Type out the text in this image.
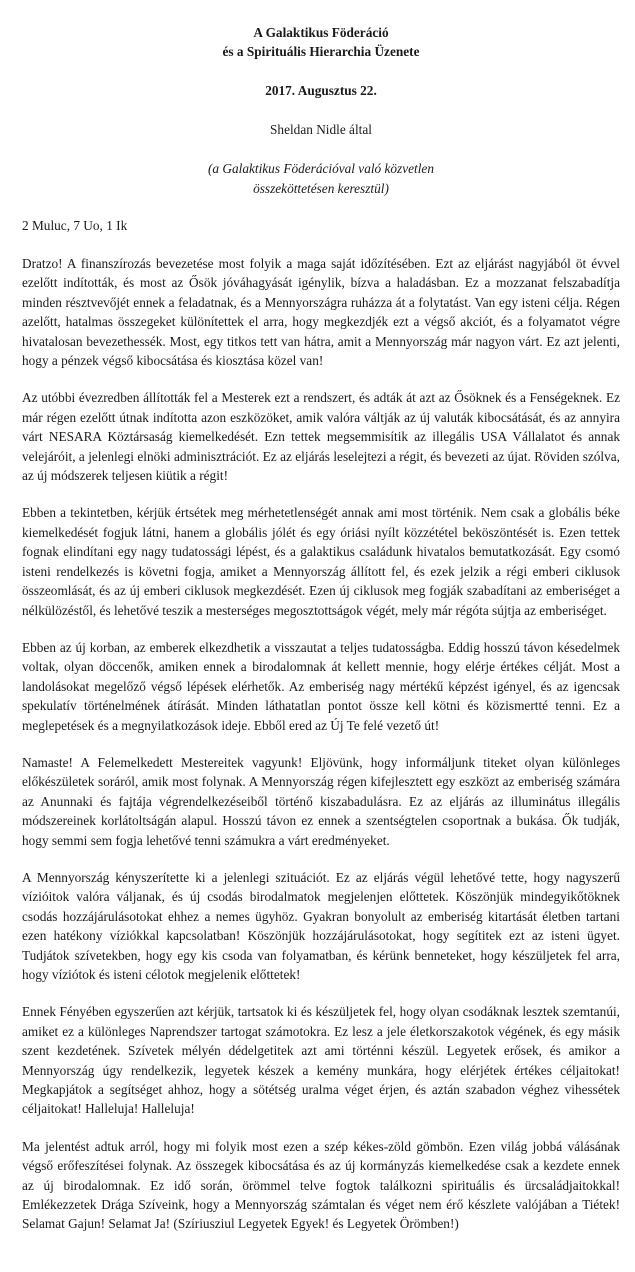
A Galaktikus Föderáció

és a Spirituális Hierarchia Üzenete

2017. Augusztus 22.
Sheldan Nidle által
(a Galaktikus Föderációval való közvetlen
összeköttetésen keresztül)
2 Muluc, 7 Uo, 1 Ik

Dratzo! A finanszírozás bevezetése most folyik a maga saját időzítésében. Ezt az eljárást nagyjából öt évvel ezelőtt indították, és most az Ősök jóváhagyását igénylik, bízva a haladásban. Ez a mozzanat felszabadítja minden résztvevőjét ennek a feladatnak, és a Mennyországra ruházza át a folytatást. Van egy isteni célja. Régen azelőtt, hatalmas összegeket különítettek el arra, hogy megkezdjék ezt a végső akciót, és a folyamatot végre hivatalosan bevezethessék. Most, egy titkos tett van hátra, amit a Mennyország már nagyon várt. Ez azt jelenti, hogy a pénzek végső kibocsátása és kiosztása közel van!

Az utóbbi évezredben állították fel a Mesterek ezt a rendszert, és adták át azt az Ősöknek és a Fenségeknek. Ez már régen ezelőtt útnak indította azon eszközöket, amik valóra váltják az új valuták kibocsátását, és az annyira várt NESARA Köztársaság kiemelkedését. Ezn tettek megsemmisítik az illegális USA Vállalatot és annak velejáróit, a jelenlegi elnöki adminisztrációt. Ez az eljárás leselejtezi a régit, és bevezeti az újat. Röviden szólva, az új módszerek teljesen kiütik a régit!

Ebben a tekintetben, kérjük értsétek meg mérhetetlenségét annak ami most történik. Nem csak a globális béke kiemelkedését fogjuk látni, hanem a globális jólét és egy óriási nyílt közzététel beköszöntését is. Ezen tettek fognak elindítani egy nagy tudatossági lépést, és a galaktikus családunk hivatalos bemutatkozását. Egy csomó isteni rendelkezés is követni fogja, amiket a Mennyország állított fel, és ezek jelzik a régi emberi ciklusok összeomlását, és az új emberi ciklusok megkezdését. Ezen új ciklusok meg fogják szabadítani az emberiséget a nélkülözéstől, és lehetővé teszik a mesterséges megosztottságok végét, mely már régóta sújtja az emberiséget.

Ebben az új korban, az emberek elkezdhetik a visszautat a teljes tudatosságba. Eddig hosszú távon késedelmek voltak, olyan döccenők, amiken ennek a birodalomnak át kellett mennie, hogy elérje értékes célját. Most a landolásokat megelőző végső lépések elérhetők. Az emberiség nagy mértékű képzést igényel, és az igencsak spekulatív történelmének átírását. Minden láthatatlan pontot össze kell kötni és közismertté tenni. Ez a meglepetések és a megnyilatkozások ideje. Ebből ered az Új Te felé vezető út!

Namaste! A Felemelkedett Mestereitek vagyunk! Eljövünk, hogy informáljunk titeket olyan különleges előkészületek soráról, amik most folynak. A Mennyország régen kifejlesztett egy eszközt az emberiség számára az Anunnaki és fajtája végrendelkezéseiből történő kiszabadulásra. Ez az eljárás az illuminátus illegális módszereinek korlátoltságán alapul. Hosszú távon ez ennek a szentségtelen csoportnak a bukása. Ők tudják, hogy semmi sem fogja lehetővé tenni számukra a várt eredményeket.

A Mennyország kényszerítette ki a jelenlegi szituációt. Ez az eljárás végül lehetővé tette, hogy nagyszerű vízióitok valóra váljanak, és új csodás birodalmatok megjelenjen előttetek. Köszönjük mindegyikőtöknek csodás hozzájárulásotokat ehhez a nemes ügyhöz. Gyakran bonyolult az emberiség kitartását életben tartani ezen hatékony víziókkal kapcsolatban! Köszönjük hozzájárulásotokat, hogy segítitek ezt az isteni ügyet. Tudjátok szívetekben, hogy egy kis csoda van folyamatban, és kérünk benneteket, hogy készüljetek fel arra, hogy víziótok és isteni célotok megjelenik előttetek!

Ennek Fényében egyszerűen azt kérjük, tartsatok ki és készüljetek fel, hogy olyan csodáknak lesztek szemtanúi, amiket ez a különleges Naprendszer tartogat számotokra. Ez lesz a jele életkorszakotok végének, és egy másik szent kezdetének. Szívetek mélyén dédelgetitek azt ami történni készül. Legyetek erősek, és amikor a Mennyország úgy rendelkezik, legyetek készek a kemény munkára, hogy elérjétek értékes céljaitokat! Megkapjátok a segítséget ahhoz, hogy a sötétség uralma véget érjen, és aztán szabadon véghez vihessétek céljaitokat! Halleluja! Halleluja!

Ma jelentést adtuk arról, hogy mi folyik most ezen a szép kékes-zöld gömbön. Ezen világ jobbá válásának végső erőfeszítései folynak. Az összegek kibocsátása és az új kormányzás kiemelkedése csak a kezdete ennek az új birodalomnak. Ez idő során, örömmel telve fogtok találkozni spirituális és ürcsaládjaitokkal! Emlékezzetek Drága Szíveink, hogy a Mennyország számtalan és véget nem érő készlete valójában a Tiétek! Selamat Gajun! Selamat Ja! (Szíriusziul Legyetek Egyek! és Legyetek Örömben!)
